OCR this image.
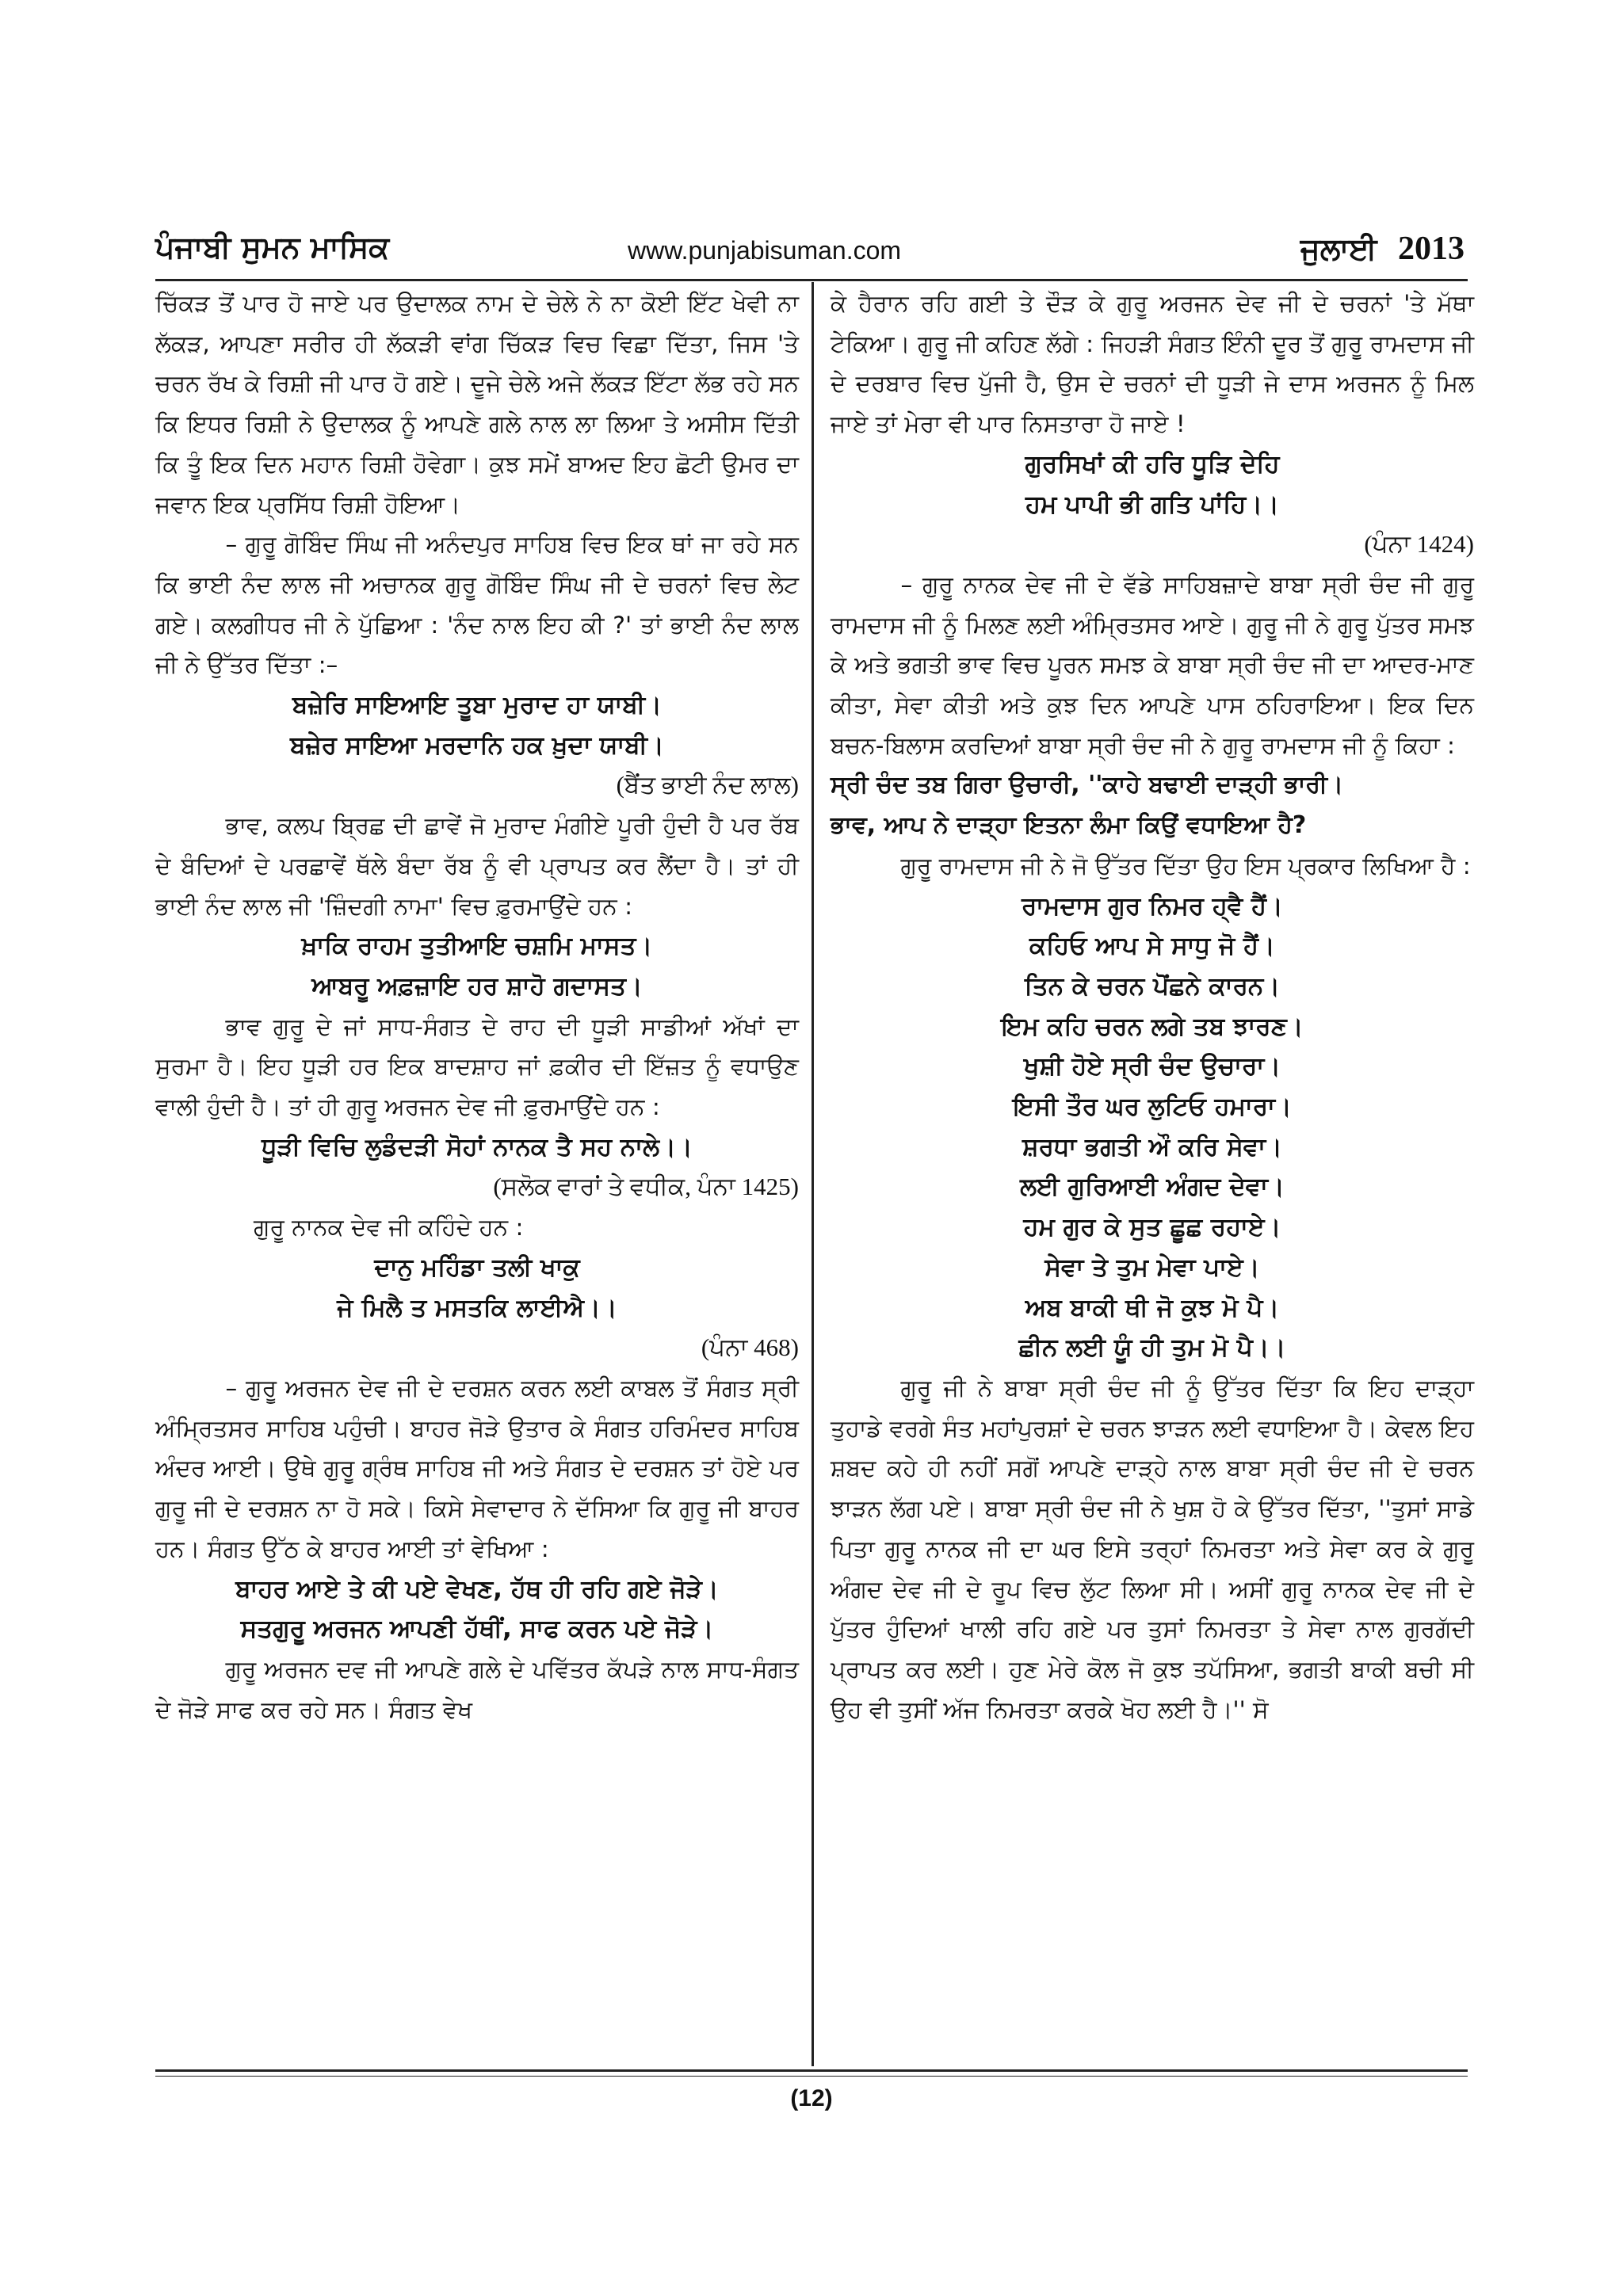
ਪੰਜਾਬੀ ਸੁਮਨ ਮਾਸਿਕ	www.punjabisuman.com	ਜੁਲਾਈ 2013

ਚਿੱਕੜ ਤੋਂ ਪਾਰ ਹੋ ਜਾਏ ਪਰ ਉਦਾਲਕ ਨਾਮ ਦੇ ਚੇਲੇ ਨੇ ਨਾ ਕੋਈ ਇੱਟ ਖੇਵੀ ਨਾ ਲੱਕੜ, ਆਪਣਾ ਸਰੀਰ ਹੀ ਲੱਕੜੀ ਵਾਂਗ ਚਿੱਕੜ ਵਿਚ ਵਿਛਾ ਦਿੱਤਾ, ਜਿਸ 'ਤੇ ਚਰਨ ਰੱਖ ਕੇ ਰਿਸ਼ੀ ਜੀ ਪਾਰ ਹੋ ਗਏ। ਦੂਜੇ ਚੇਲੇ ਅਜੇ ਲੱਕੜ ਇੱਟਾ ਲੱਭ ਰਹੇ ਸਨ ਕਿ ਇਧਰ ਰਿਸ਼ੀ ਨੇ ਉਦਾਲਕ ਨੂੰ ਆਪਣੇ ਗਲੇ ਨਾਲ ਲਾ ਲਿਆ ਤੇ ਅਸੀਸ ਦਿੱਤੀ ਕਿ ਤੂੰ ਇਕ ਦਿਨ ਮਹਾਨ ਰਿਸ਼ੀ ਹੋਵੇਗਾ। ਕੁਝ ਸਮੇਂ ਬਾਅਦ ਇਹ ਛੋਟੀ ਉਮਰ ਦਾ ਜਵਾਨ ਇਕ ਪ੍ਰਸਿੱਧ ਰਿਸ਼ੀ ਹੋਇਆ।

– ਗੁਰੂ ਗੋਬਿੰਦ ਸਿੰਘ ਜੀ ਅਨੰਦਪੁਰ ਸਾਹਿਬ ਵਿਚ ਇਕ ਥਾਂ ਜਾ ਰਹੇ ਸਨ ਕਿ ਭਾਈ ਨੰਦ ਲਾਲ ਜੀ ਅਚਾਨਕ ਗੁਰੂ ਗੋਬਿੰਦ ਸਿੰਘ ਜੀ ਦੇ ਚਰਨਾਂ ਵਿਚ ਲੇਟ ਗਏ। ਕਲਗੀਧਰ ਜੀ ਨੇ ਪੁੱਛਿਆ : 'ਨੰਦ ਨਾਲ ਇਹ ਕੀ ?' ਤਾਂ ਭਾਈ ਨੰਦ ਲਾਲ ਜੀ ਨੇ ਉੱਤਰ ਦਿੱਤਾ :–

ਬਜ਼ੇਰਿ ਸਾਇਆਇ ਤੂਬਾ ਮੁਰਾਦ ਹਾ ਯਾਬੀ।

ਬਜ਼ੇਰ ਸਾਇਆ ਮਰਦਾਨਿ ਹਕ ਖ਼ੁਦਾ ਯਾਬੀ।

(ਬੈਂਤ ਭਾਈ ਨੰਦ ਲਾਲ)

ਭਾਵ, ਕਲਪ ਬ੍ਰਿਛ ਦੀ ਛਾਵੇਂ ਜੋ ਮੁਰਾਦ ਮੰਗੀਏ ਪੂਰੀ ਹੁੰਦੀ ਹੈ ਪਰ ਰੱਬ ਦੇ ਬੰਦਿਆਂ ਦੇ ਪਰਛਾਵੇਂ ਥੱਲੇ ਬੰਦਾ ਰੱਬ ਨੂੰ ਵੀ ਪ੍ਰਾਪਤ ਕਰ ਲੈਂਦਾ ਹੈ। ਤਾਂ ਹੀ ਭਾਈ ਨੰਦ ਲਾਲ ਜੀ 'ਜ਼ਿੰਦਗੀ ਨਾਮਾ' ਵਿਚ ਫ਼ੁਰਮਾਉਂਦੇ ਹਨ :

ਖ਼ਾਕਿ ਰਾਹਮ ਤੁਤੀਆਇ ਚਸ਼ਮਿ ਮਾਸਤ।

ਆਬਰੂ ਅਫ਼ਜ਼ਾਇ ਹਰ ਸ਼ਾਹੋ ਗਦਾਸਤ।

ਭਾਵ ਗੁਰੂ ਦੇ ਜਾਂ ਸਾਧ-ਸੰਗਤ ਦੇ ਰਾਹ ਦੀ ਧੂੜੀ ਸਾਡੀਆਂ ਅੱਖਾਂ ਦਾ ਸੁਰਮਾ ਹੈ। ਇਹ ਧੂੜੀ ਹਰ ਇਕ ਬਾਦਸ਼ਾਹ ਜਾਂ ਫ਼ਕੀਰ ਦੀ ਇੱਜ਼ਤ ਨੂੰ ਵਧਾਉਣ ਵਾਲੀ ਹੁੰਦੀ ਹੈ। ਤਾਂ ਹੀ ਗੁਰੂ ਅਰਜਨ ਦੇਵ ਜੀ ਫ਼ੁਰਮਾਉਂਦੇ ਹਨ :

ਧੂੜੀ ਵਿਚਿ ਲੁਡੰਦੜੀ ਸੋਹਾਂ ਨਾਨਕ ਤੈ ਸਹ ਨਾਲੇ।।

(ਸਲੋਕ ਵਾਰਾਂ ਤੇ ਵਧੀਕ, ਪੰਨਾ 1425)

ਗੁਰੂ ਨਾਨਕ ਦੇਵ ਜੀ ਕਹਿੰਦੇ ਹਨ :

ਦਾਨੁ ਮਹਿੰਡਾ ਤਲੀ ਖਾਕੁ

ਜੇ ਮਿਲੈ ਤ ਮਸਤਕਿ ਲਾਈਐ।।

(ਪੰਨਾ 468)

– ਗੁਰੂ ਅਰਜਨ ਦੇਵ ਜੀ ਦੇ ਦਰਸ਼ਨ ਕਰਨ ਲਈ ਕਾਬਲ ਤੋਂ ਸੰਗਤ ਸ੍ਰੀ ਅੰਮ੍ਰਿਤਸਰ ਸਾਹਿਬ ਪਹੁੰਚੀ। ਬਾਹਰ ਜੋੜੇ ਉਤਾਰ ਕੇ ਸੰਗਤ ਹਰਿਮੰਦਰ ਸਾਹਿਬ ਅੰਦਰ ਆਈ। ਉਥੇ ਗੁਰੂ ਗ੍ਰੰਥ ਸਾਹਿਬ ਜੀ ਅਤੇ ਸੰਗਤ ਦੇ ਦਰਸ਼ਨ ਤਾਂ ਹੋਏ ਪਰ ਗੁਰੂ ਜੀ ਦੇ ਦਰਸ਼ਨ ਨਾ ਹੋ ਸਕੇ। ਕਿਸੇ ਸੇਵਾਦਾਰ ਨੇ ਦੱਸਿਆ ਕਿ ਗੁਰੂ ਜੀ ਬਾਹਰ ਹਨ। ਸੰਗਤ ਉੱਠ ਕੇ ਬਾਹਰ ਆਈ ਤਾਂ ਵੇਖਿਆ :

ਬਾਹਰ ਆਏ ਤੇ ਕੀ ਪਏ ਵੇਖਣ, ਹੱਥ ਹੀ ਰਹਿ ਗਏ ਜੋੜੇ।

ਸਤਗੁਰੂ ਅਰਜਨ ਆਪਣੀ ਹੱਥੀਂ, ਸਾਫ ਕਰਨ ਪਏ ਜੋੜੇ।

ਗੁਰੂ ਅਰਜਨ ਦਵ ਜੀ ਆਪਣੇ ਗਲੇ ਦੇ ਪਵਿੱਤਰ ਕੱਪੜੇ ਨਾਲ ਸਾਧ-ਸੰਗਤ ਦੇ ਜੋੜੇ ਸਾਫ ਕਰ ਰਹੇ ਸਨ। ਸੰਗਤ ਵੇਖ

ਕੇ ਹੈਰਾਨ ਰਹਿ ਗਈ ਤੇ ਦੌੜ ਕੇ ਗੁਰੂ ਅਰਜਨ ਦੇਵ ਜੀ ਦੇ ਚਰਨਾਂ 'ਤੇ ਮੱਥਾ ਟੇਕਿਆ। ਗੁਰੂ ਜੀ ਕਹਿਣ ਲੱਗੇ : ਜਿਹੜੀ ਸੰਗਤ ਇੰਨੀ ਦੂਰ ਤੋਂ ਗੁਰੂ ਰਾਮਦਾਸ ਜੀ ਦੇ ਦਰਬਾਰ ਵਿਚ ਪੁੱਜੀ ਹੈ, ਉਸ ਦੇ ਚਰਨਾਂ ਦੀ ਧੂੜੀ ਜੇ ਦਾਸ ਅਰਜਨ ਨੂੰ ਮਿਲ ਜਾਏ ਤਾਂ ਮੇਰਾ ਵੀ ਪਾਰ ਨਿਸਤਾਰਾ ਹੋ ਜਾਏ !

ਗੁਰਸਿਖਾਂ ਕੀ ਹਰਿ ਧੂੜਿ ਦੇਹਿ

ਹਮ ਪਾਪੀ ਭੀ ਗਤਿ ਪਾਂਹਿ।।

(ਪੰਨਾ 1424)

– ਗੁਰੂ ਨਾਨਕ ਦੇਵ ਜੀ ਦੇ ਵੱਡੇ ਸਾਹਿਬਜ਼ਾਦੇ ਬਾਬਾ ਸ੍ਰੀ ਚੰਦ ਜੀ ਗੁਰੂ ਰਾਮਦਾਸ ਜੀ ਨੂੰ ਮਿਲਣ ਲਈ ਅੰਮ੍ਰਿਤਸਰ ਆਏ। ਗੁਰੂ ਜੀ ਨੇ ਗੁਰੂ ਪੁੱਤਰ ਸਮਝ ਕੇ ਅਤੇ ਭਗਤੀ ਭਾਵ ਵਿਚ ਪੂਰਨ ਸਮਝ ਕੇ ਬਾਬਾ ਸ੍ਰੀ ਚੰਦ ਜੀ ਦਾ ਆਦਰ-ਮਾਣ ਕੀਤਾ, ਸੇਵਾ ਕੀਤੀ ਅਤੇ ਕੁਝ ਦਿਨ ਆਪਣੇ ਪਾਸ ਠਹਿਰਾਇਆ। ਇਕ ਦਿਨ ਬਚਨ-ਬਿਲਾਸ ਕਰਦਿਆਂ ਬਾਬਾ ਸ੍ਰੀ ਚੰਦ ਜੀ ਨੇ ਗੁਰੂ ਰਾਮਦਾਸ ਜੀ ਨੂੰ ਕਿਹਾ :

ਸ੍ਰੀ ਚੰਦ ਤਬ ਗਿਰਾ ਉਚਾਰੀ, ''ਕਾਹੇ ਬਢਾਈ ਦਾੜ੍ਹੀ ਭਾਰੀ।

ਭਾਵ, ਆਪ ਨੇ ਦਾੜ੍ਹਾ ਇਤਨਾ ਲੰਮਾ ਕਿਉਂ ਵਧਾਇਆ ਹੈ?

ਗੁਰੂ ਰਾਮਦਾਸ ਜੀ ਨੇ ਜੋ ਉੱਤਰ ਦਿੱਤਾ ਉਹ ਇਸ ਪ੍ਰਕਾਰ ਲਿਖਿਆ ਹੈ :

ਰਾਮਦਾਸ ਗੁਰ ਨਿਮਰ ਹ੍ਵੈ ਹੈਂ।

ਕਹਿਓ ਆਪ ਸੇ ਸਾਧੁ ਜੋ ਹੈਂ।

ਤਿਨ ਕੇ ਚਰਨ ਪੋਂਛਨੇ ਕਾਰਨ।

ਇਮ ਕਹਿ ਚਰਨ ਲਗੇ ਤਬ ਝਾਰਣ।

ਖੁਸ਼ੀ ਹੋਏ ਸ੍ਰੀ ਚੰਦ ਉਚਾਰਾ।

ਇਸੀ ਤੌਰ ਘਰ ਲੁਟਿਓ ਹਮਾਰਾ।

ਸ਼ਰਧਾ ਭਗਤੀ ਔ ਕਰਿ ਸੇਵਾ।

ਲਈ ਗੁਰਿਆਈ ਅੰਗਦ ਦੇਵਾ।

ਹਮ ਗੁਰ ਕੇ ਸੁਤ ਛੂਛ ਰਹਾਏ।

ਸੇਵਾ ਤੇ ਤੁਮ ਮੇਵਾ ਪਾਏ।

ਅਬ ਬਾਕੀ ਥੀ ਜੋ ਕੁਝ ਮੋ ਪੈ।

ਛੀਨ ਲਈ ਯੂੰ ਹੀ ਤੁਮ ਮੋ ਪੈ।।

ਗੁਰੂ ਜੀ ਨੇ ਬਾਬਾ ਸ੍ਰੀ ਚੰਦ ਜੀ ਨੂੰ ਉੱਤਰ ਦਿੱਤਾ ਕਿ ਇਹ ਦਾੜ੍ਹਾ ਤੁਹਾਡੇ ਵਰਗੇ ਸੰਤ ਮਹਾਂਪੁਰਸ਼ਾਂ ਦੇ ਚਰਨ ਝਾੜਨ ਲਈ ਵਧਾਇਆ ਹੈ। ਕੇਵਲ ਇਹ ਸ਼ਬਦ ਕਹੇ ਹੀ ਨਹੀਂ ਸਗੋਂ ਆਪਣੇ ਦਾੜ੍ਹੇ ਨਾਲ ਬਾਬਾ ਸ੍ਰੀ ਚੰਦ ਜੀ ਦੇ ਚਰਨ ਝਾੜਨ ਲੱਗ ਪਏ। ਬਾਬਾ ਸ੍ਰੀ ਚੰਦ ਜੀ ਨੇ ਖੁਸ਼ ਹੋ ਕੇ ਉੱਤਰ ਦਿੱਤਾ, ''ਤੁਸਾਂ ਸਾਡੇ ਪਿਤਾ ਗੁਰੂ ਨਾਨਕ ਜੀ ਦਾ ਘਰ ਇਸੇ ਤਰ੍ਹਾਂ ਨਿਮਰਤਾ ਅਤੇ ਸੇਵਾ ਕਰ ਕੇ ਗੁਰੂ ਅੰਗਦ ਦੇਵ ਜੀ ਦੇ ਰੂਪ ਵਿਚ ਲੁੱਟ ਲਿਆ ਸੀ। ਅਸੀਂ ਗੁਰੂ ਨਾਨਕ ਦੇਵ ਜੀ ਦੇ ਪੁੱਤਰ ਹੁੰਦਿਆਂ ਖਾਲੀ ਰਹਿ ਗਏ ਪਰ ਤੁਸਾਂ ਨਿਮਰਤਾ ਤੇ ਸੇਵਾ ਨਾਲ ਗੁਰਗੱਦੀ ਪ੍ਰਾਪਤ ਕਰ ਲਈ। ਹੁਣ ਮੇਰੇ ਕੋਲ ਜੋ ਕੁਝ ਤਪੱਸਿਆ, ਭਗਤੀ ਬਾਕੀ ਬਚੀ ਸੀ ਉਹ ਵੀ ਤੁਸੀਂ ਅੱਜ ਨਿਮਰਤਾ ਕਰਕੇ ਖੋਹ ਲਈ ਹੈ।'' ਸੋ

(12)
